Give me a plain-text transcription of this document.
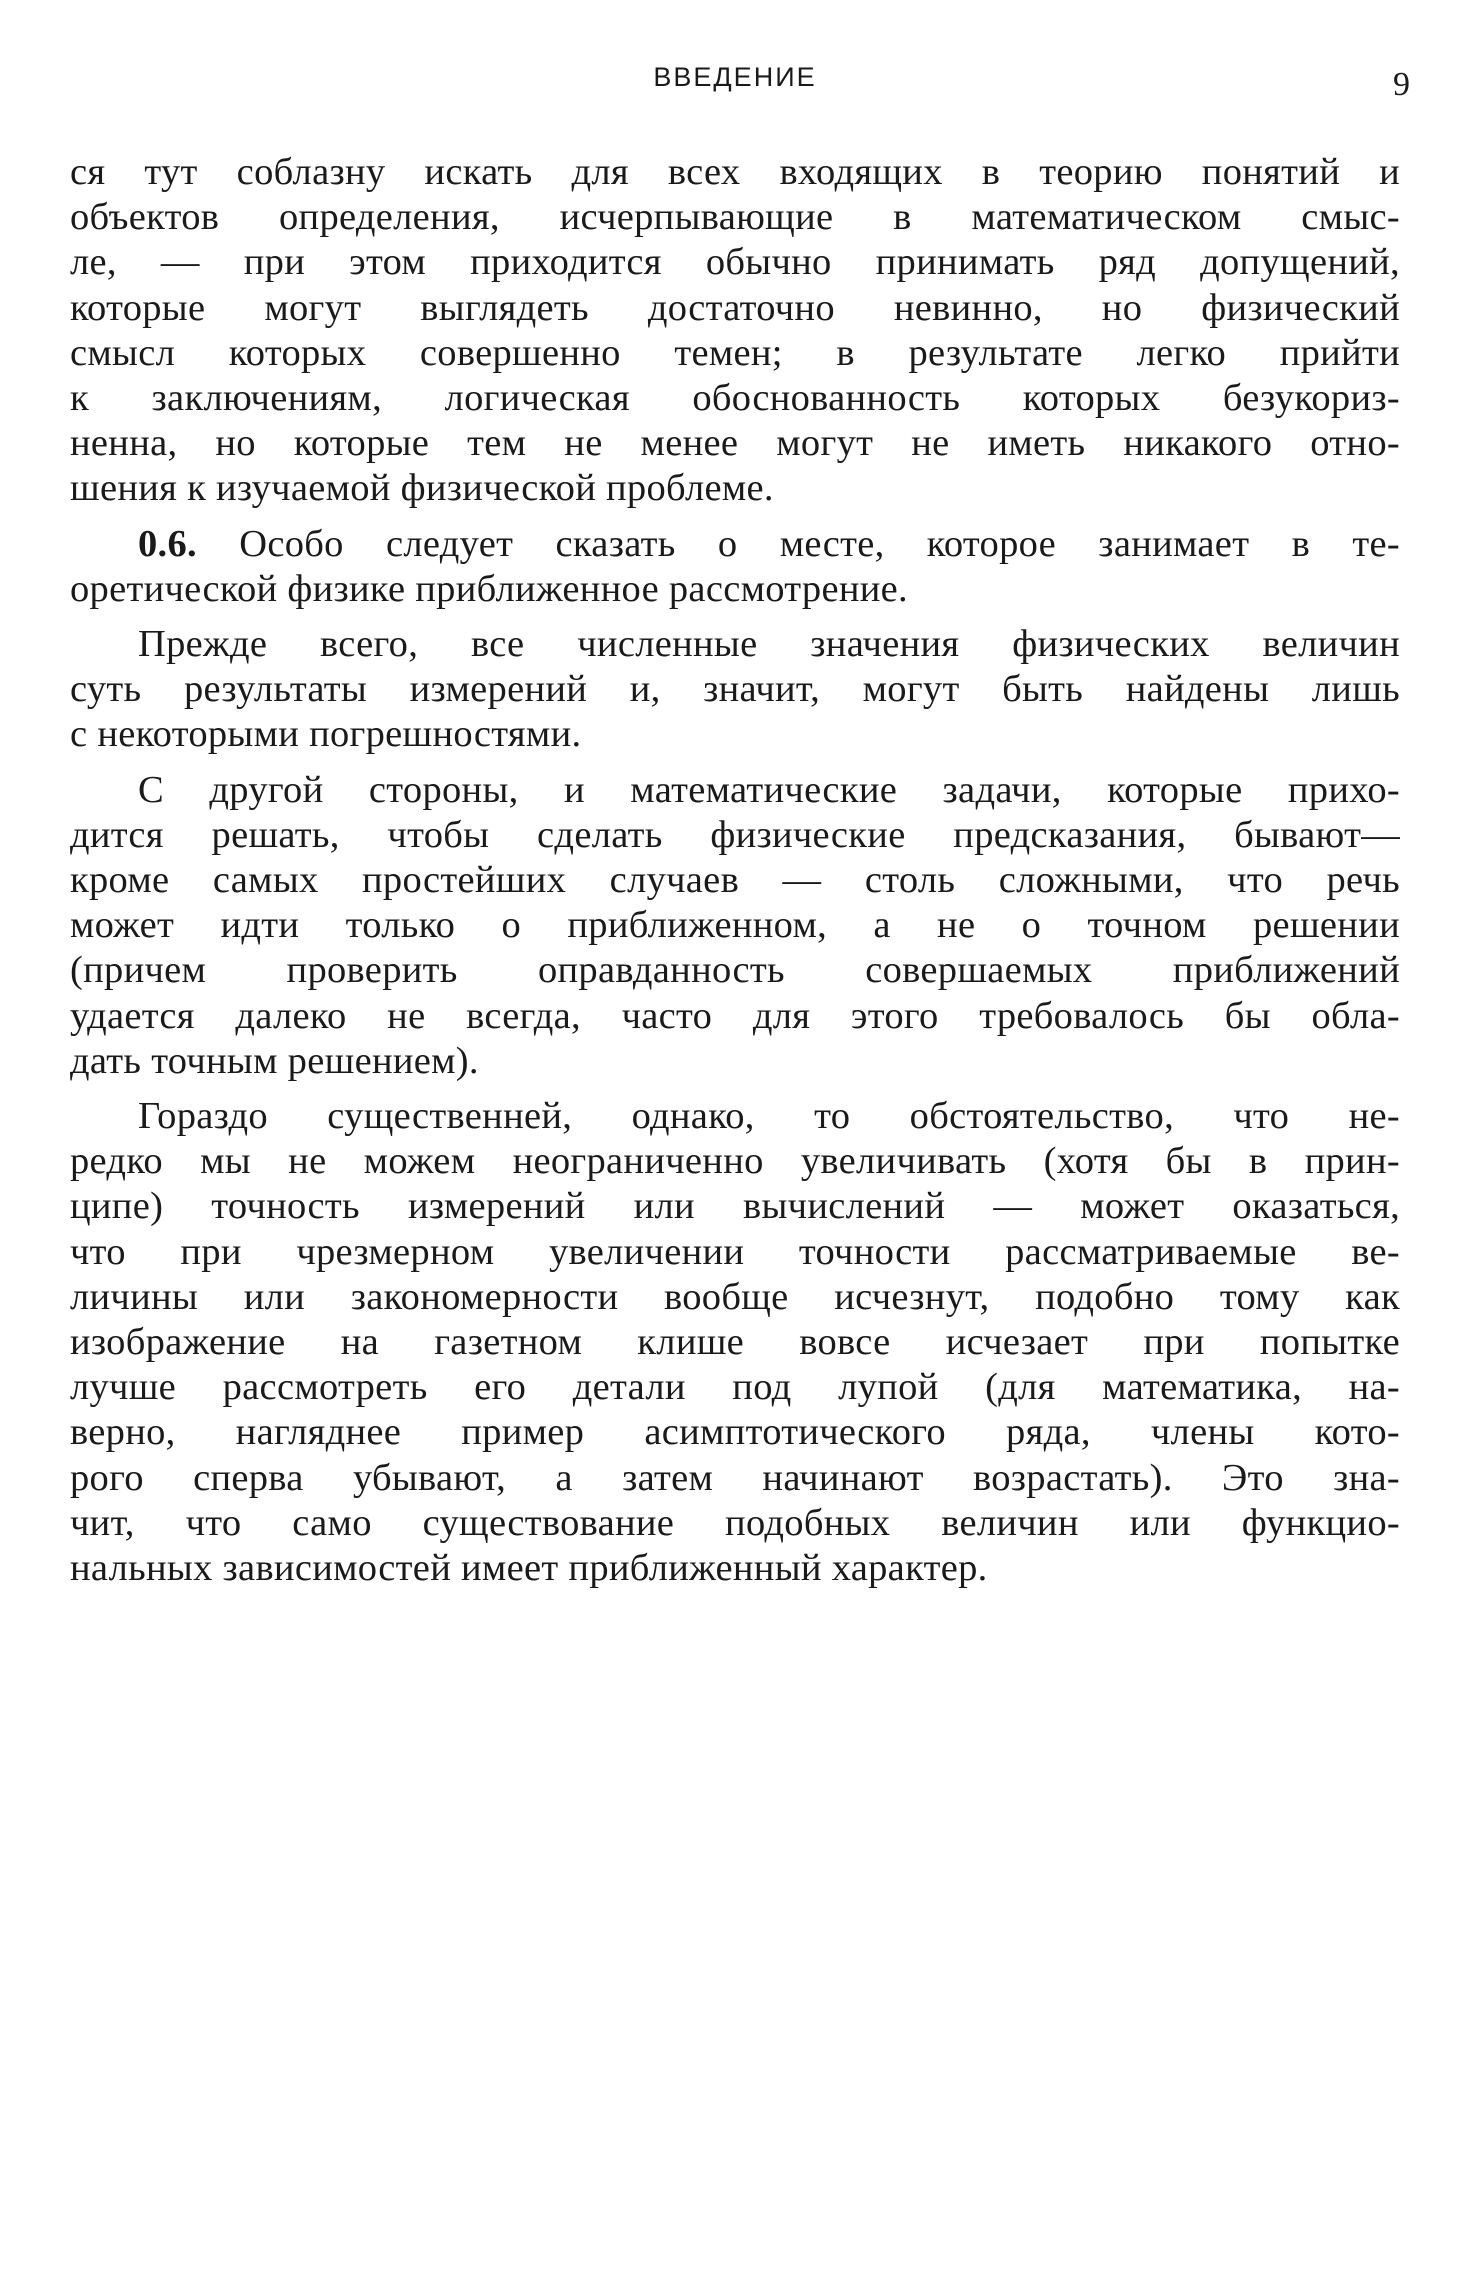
ВВЕДЕНИЕ	9
ся тут соблазну искать для всех входящих в теорию понятий и
объектов определения, исчерпывающие в математическом смыс-
ле, — при этом приходится обычно принимать ряд допущений,
которые могут выглядеть достаточно невинно, но физический
смысл которых совершенно темен; в результате легко прийти
к заключениям, логическая обоснованность которых безукориз-
ненна, но которые тем не менее могут не иметь никакого отно-
шения к изучаемой физической проблеме.
0.6. Особо следует сказать о месте, которое занимает в те-
оретической физике приближенное рассмотрение.
Прежде всего, все численные значения физических величин
суть результаты измерений и, значит, могут быть найдены лишь
с некоторыми погрешностями.
С другой стороны, и математические задачи, которые прихо-
дится решать, чтобы сделать физические предсказания, бывают—
кроме самых простейших случаев — столь сложными, что речь
может идти только о приближенном, а не о точном решении
(причем проверить оправданность совершаемых приближений
удается далеко не всегда, часто для этого требовалось бы обла-
дать точным решением).
Гораздо существенней, однако, то обстоятельство, что не-
редко мы не можем неограниченно увеличивать (хотя бы в прин-
ципе) точность измерений или вычислений — может оказаться,
что при чрезмерном увеличении точности рассматриваемые ве-
личины или закономерности вообще исчезнут, подобно тому как
изображение на газетном клише вовсе исчезает при попытке
лучше рассмотреть его детали под лупой (для математика, на-
верно, нагляднее пример асимптотического ряда, члены кото-
рого сперва убывают, а затем начинают возрастать). Это зна-
чит, что само существование подобных величин или функцио-
нальных зависимостей имеет приближенный характер.
